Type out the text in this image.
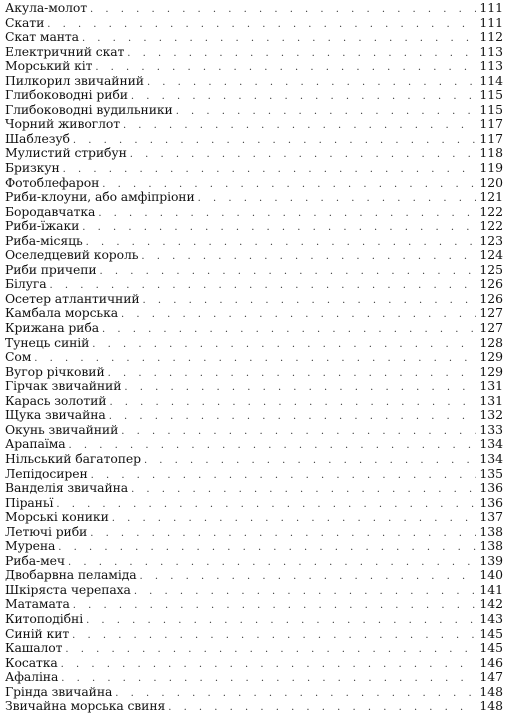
Акула-молот . . .	111
Скати . . .	111
Скат манта . . .	112
Електричний скат . . .	113
Морський кіт . . .	113
Пилкорил звичайний . . .	114
Глибоководні риби . . .	115
Глибоководні вудильники . . .	115
Чорний живоглот . . .	117
Шаблезуб . . .	117
Мулистий стрибун . . .	118
Бризкун . . .	119
Фотоблефарон . . .	120
Риби-клоуни, або амфіпріони . . .	121
Бородавчатка . . .	122
Риби-їжаки . . .	122
Риба-місяць . . .	123
Оселедцевий король . . .	124
Риби причепи . . .	125
Білуга . . .	126
Осетер атлантичний . . .	126
Камбала морська . . .	127
Крижана риба . . .	127
Тунець синій . . .	128
Сом . . .	129
Вугор річковий . . .	129
Гірчак звичайний . . .	131
Карась золотий . . .	131
Щука звичайна . . .	132
Окунь звичайний . . .	133
Арапаїма . . .	134
Нільський багатопер . . .	134
Лепідосирен . . .	135
Ванделія звичайна . . .	136
Піраньї . . .	136
Морські коники . . .	137
Летючі риби . . .	138
Мурена . . .	138
Риба-меч . . .	139
Двобарвна пеламіда . . .	140
Шкіряста черепаха . . .	141
Матамата . . .	142
Китоподібні . . .	143
Синій кит . . .	145
Кашалот . . .	145
Косатка . . .	146
Афаліна . . .	147
Грінда звичайна . . .	148
Звичайна морська свиня . . .	148
